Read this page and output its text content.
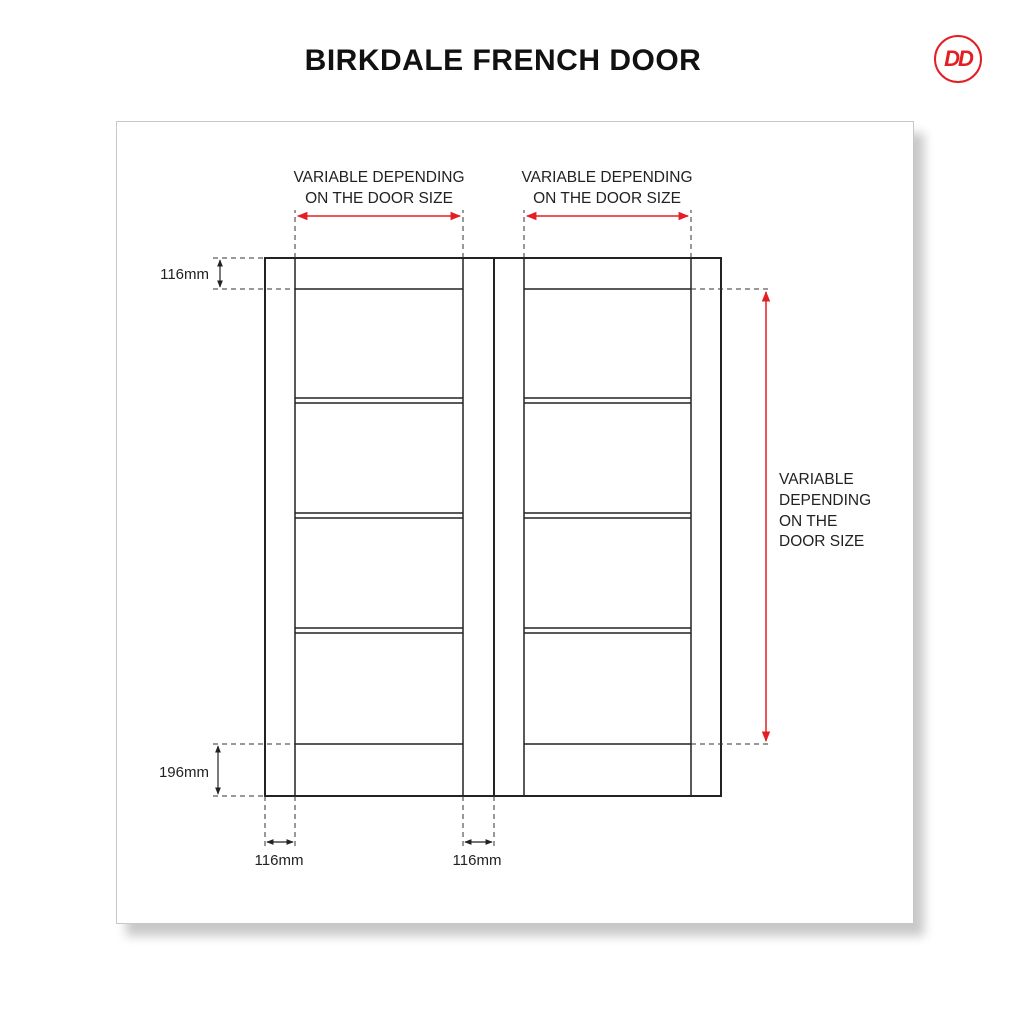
BIRKDALE FRENCH DOOR	DD
VARIABLE DEPENDING
ON THE DOOR SIZE
VARIABLE DEPENDING
ON THE DOOR SIZE
VARIABLE
DEPENDING
ON THE
DOOR SIZE
116mm
196mm
116mm	116mm
